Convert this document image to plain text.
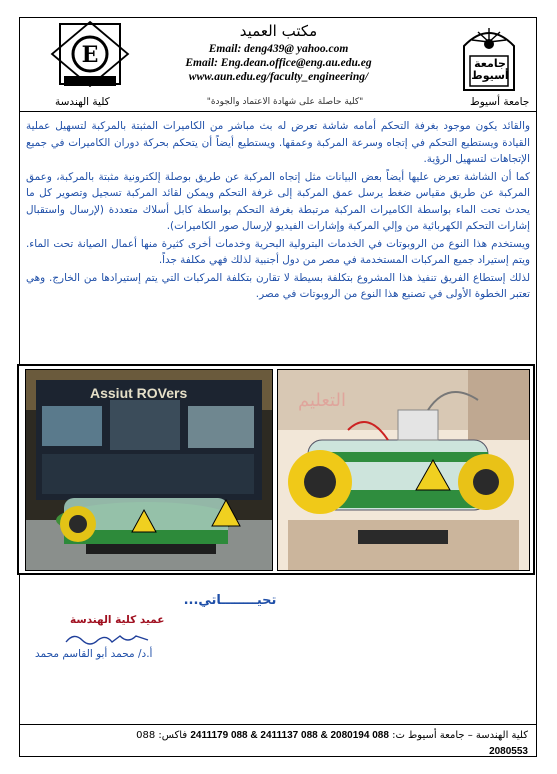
مكتب العميد
Email: deng439@ yahoo.com
Email: Eng.dean.office@eng.au.edu.eg
www.aun.edu.eg/faculty_engineering/
جامعة أسيوط
جامعة أسيوط
E
كلية الهندسة	"كلية حاصلة على شهادة الاعتماد والجودة"

والقائد يكون موجود بغرفة التحكم أمامه شاشة تعرض له بث مباشر من الكاميرات المثبتة بالمركبة لتسهيل عملية القيادة ويستطيع التحكم في إتجاه وسرعة المركبة وعمقها. ويستطيع أيضاً أن يتحكم بحركة دوران الكاميرات في جميع الإتجاهات لتسهيل الرؤية.

كما أن الشاشة تعرض عليها أيضاً بعض البيانات مثل إتجاه المركبة عن طريق بوصلة إلكترونية مثبتة بالمركبة، وعمق المركبة عن طريق مقياس ضغط يرسل عمق المركبة إلى غرفة التحكم ويمكن لقائد المركبة تسجيل وتصوير كل ما يحدث تحت الماء بواسطة الكاميرات المركبة مرتبطة بغرفة التحكم بواسطة كابل أسلاك متعددة (لإرسال واستقبال إشارات التحكم الكهربائية من وإلي المركبة وإشارات الفيديو لإرسال صور الكاميرات).

ويستخدم هذا النوع من الروبوتات في الخدمات البترولية البحرية وخدمات أخرى كثيرة منها أعمال الصيانة تحت الماء. ويتم إستيراد جميع المركبات المستخدمة في مصر من دول أجنبية لذلك فهي مكلفة جداً.

لذلك إستطاع الفريق تنفيذ هذا المشروع بتكلفة بسيطة لا تقارن بتكلفة المركبات التي يتم إستيرادها من الخارج. وهي تعتبر الخطوة الأولى في تصنيع هذا النوع من الروبوتات في مصر.

Assiut ROVers	التعليم
تحيــــــــاتي...
عميد كلية الهندسة
أ.د/ محمد أبو القاسم محمد
كلية الهندسة – جامعة أسيوط ت: 088 2080194 & 088 2411137 & 088 2411179 فاكس: 088
2080553
